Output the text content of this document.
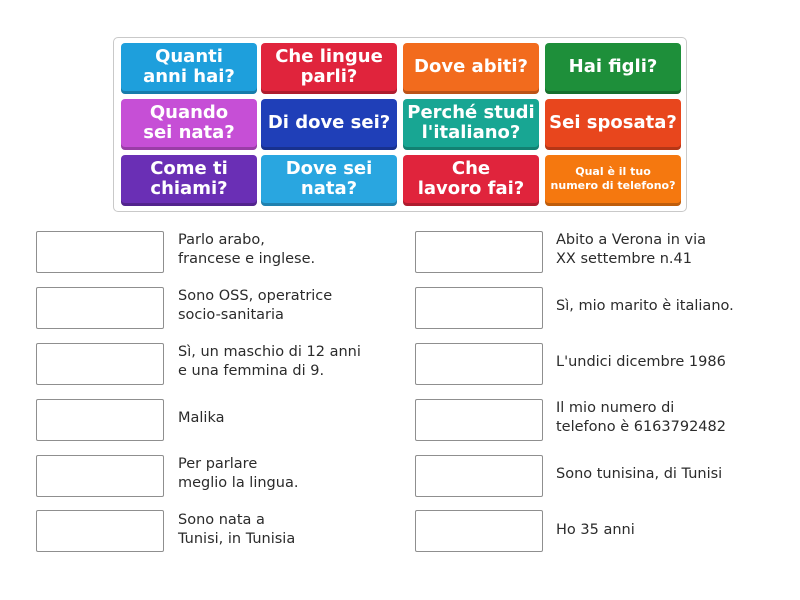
Quanti
anni hai?
Che lingue
parli?	Dove abiti?	Hai figli?
Quando
sei nata?	Di dove sei? Perché studi
l'italiano?	Sei sposata?
Come ti
chiami?
Dove sei
nata?
Che
lavoro fai?
Qual è il tuo
numero di telefono?
Parlo arabo,
francese e inglese.
Sono OSS, operatrice
socio-sanitaria
Sì, un maschio di 12 anni
e una femmina di 9.
Malika
Per parlare
meglio la lingua.
Sono nata a
Tunisi, in Tunisia
Abito a Verona in via
XX settembre n.41
Sì, mio marito è italiano.
L'undici dicembre 1986
Il mio numero di
telefono è 6163792482
Sono tunisina, di Tunisi
Ho 35 anni
